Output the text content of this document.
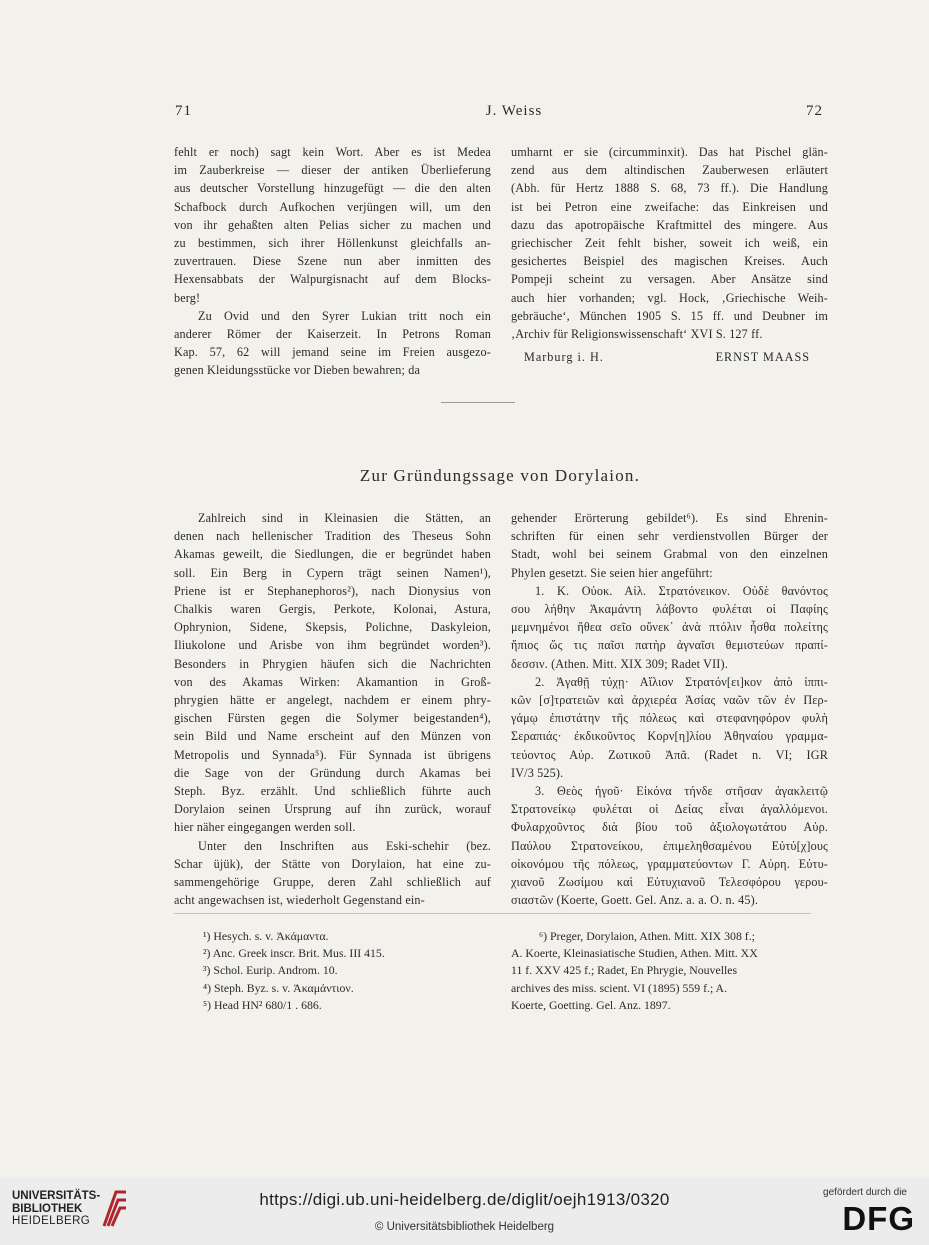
71	J. Weiss	72
fehlt er noch) sagt kein Wort. Aber es ist Medea
im Zauberkreise — dieser der antiken Überlieferung
aus deutscher Vorstellung hinzugefügt — die den alten
Schafbock durch Aufkochen verjüngen will, um den
von ihr gehaßten alten Pelias sicher zu machen und
zu bestimmen, sich ihrer Höllenkunst gleichfalls an-
zuvertrauen. Diese Szene nun aber inmitten des
Hexensabbats der Walpurgisnacht auf dem Blocks-
berg!
Zu Ovid und den Syrer Lukian tritt noch ein
anderer Römer der Kaiserzeit. In Petrons Roman
Kap. 57, 62 will jemand seine im Freien ausgezo-
genen Kleidungsstücke vor Dieben bewahren; da
umharnt er sie (circumminxit). Das hat Pischel glän-
zend aus dem altindischen Zauberwesen erläutert
(Abh. für Hertz 1888 S. 68, 73 ff.). Die Handlung
ist bei Petron eine zweifache: das Einkreisen und
dazu das apotropäische Kraftmittel des mingere. Aus
griechischer Zeit fehlt bisher, soweit ich weiß, ein
gesichertes Beispiel des magischen Kreises. Auch
Pompeji scheint zu versagen. Aber Ansätze sind
auch hier vorhanden; vgl. Hock, ‚Griechische Weih-
gebräuche‘, München 1905 S. 15 ff. und Deubner im
‚Archiv für Religionswissenschaft‘ XVI S. 127 ff.
Marburg i. H.	ERNST MAASS
Zur Gründungssage von Dorylaion.
Zahlreich sind in Kleinasien die Stätten, an
denen nach hellenischer Tradition des Theseus Sohn
Akamas geweilt, die Siedlungen, die er begründet haben
soll. Ein Berg in Cypern trägt seinen Namen¹),
Priene ist er Stephanephoros²), nach Dionysius von
Chalkis waren Gergis, Perkote, Kolonai, Astura,
Ophrynion, Sidene, Skepsis, Polichne, Daskyleion,
Iliukolone und Arisbe von ihm begründet worden³).
Besonders in Phrygien häufen sich die Nachrichten
von des Akamas Wirken: Akamantion in Groß-
phrygien hätte er angelegt, nachdem er einem phry-
gischen Fürsten gegen die Solymer beigestanden⁴),
sein Bild und Name erscheint auf den Münzen von
Metropolis und Synnada⁵). Für Synnada ist übrigens
die Sage von der Gründung durch Akamas bei
Steph. Byz. erzählt. Und schließlich führte auch
Dorylaion seinen Ursprung auf ihn zurück, worauf
hier näher eingegangen werden soll.
Unter den Inschriften aus Eski-schehir (bez.
Schar üjük), der Stätte von Dorylaion, hat eine zu-
sammengehörige Gruppe, deren Zahl schließlich auf
acht angewachsen ist, wiederholt Gegenstand ein-
gehender Erörterung gebildet⁶). Es sind Ehrenin-
schriften für einen sehr verdienstvollen Bürger der
Stadt, wohl bei seinem Grabmal von den einzelnen
Phylen gesetzt. Sie seien hier angeführt:
1. Κ. Οὐοκ. Αἰλ. Στρατόνεικον. Οὐδὲ θανόντος
σου λήθην Ἀκαμάντη λάβοντο φυλέται οἱ Παφίης
μεμνημένοι ἤθεα σεῖο οὕνεκ᾽ ἀνὰ πτόλιν ἦσθα πολείτης
ἤπιος ὥς τις παῖσι πατὴρ ἀγναῖσι θεμιστεύων πραπί-
δεσσιν. (Athen. Mitt. XIX 309; Radet VII).
2. Ἀγαθῇ τύχῃ· Αἴλιον Στρατόν[ει]κον ἀπὸ ἱππι-
κῶν [σ]τρατειῶν καὶ ἀρχιερέα Ἀσίας ναῶν τῶν ἐν Περ-
γάμῳ ἐπιστάτην τῆς πόλεως καὶ στεφανηφόρον φυλὴ
Σεραπιάς· ἐκδικοῦντος Κορν[η]λίου Ἀθηναίου γραμμα-
τεύοντος Αὐρ. Ζωτικοῦ Ἀπᾶ. (Radet n. VI; IGR
IV/3 525).
3. Θεὸς ἡγοῦ· Εἰκόνα τήνδε στῆσαν ἀγακλειτῷ
Στρατονείκῳ φυλέται οἱ Δείας εἶναι ἀγαλλόμενοι.
Φυλαρχοῦντος διὰ βίου τοῦ ἀξιολογωτάτου Αὐρ.
Παύλου Στρατονείκου, ἐπιμεληθσαμένου Εὐτύ[χ]ους
οἰκονόμου τῆς πόλεως, γραμματεύοντων Γ. Αὐρη. Εὐτυ-
χιανοῦ Ζωσίμου καὶ Εὐτυχιανοῦ Τελεσφόρου γερου-
σιαστῶν (Koerte, Goett. Gel. Anz. a. a. O. n. 45).
¹) Hesych. s. v. Ἀκάμαντα.
²) Anc. Greek inscr. Brit. Mus. III 415.
³) Schol. Eurip. Androm. 10.
⁴) Steph. Byz. s. v. Ἀκαμάντιον.
⁵) Head HN² 680/1 . 686.
⁶) Preger, Dorylaion, Athen. Mitt. XIX 308 f.;
A. Koerte, Kleinasiatische Studien, Athen. Mitt. XX
11 f. XXV 425 f.; Radet, En Phrygie, Nouvelles
archives des miss. scient. VI (1895) 559 f.; A.
Koerte, Goetting. Gel. Anz. 1897.
UNIVERSITÄTS-
BIBLIOTHEK
HEIDELBERG
https://digi.ub.uni-heidelberg.de/diglit/oejh1913/0320
© Universitätsbibliothek Heidelberg
gefördert durch die
DFG
